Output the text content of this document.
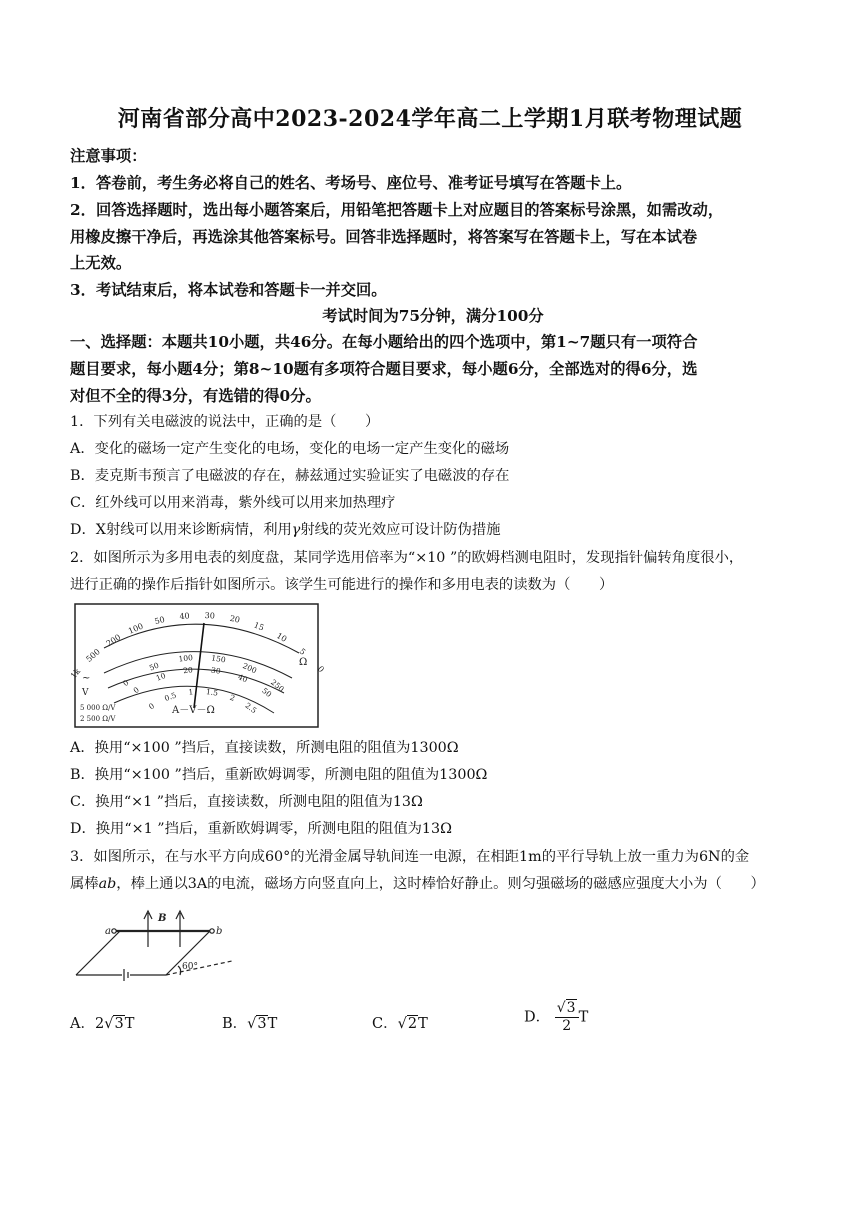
河南省部分高中2023-2024学年高二上学期1月联考物理试题
注意事项：
1．答卷前，考生务必将自己的姓名、考场号、座位号、准考证号填写在答题卡上。
2．回答选择题时，选出每小题答案后，用铅笔把答题卡上对应题目的答案标号涂黑，如需改动，
用橡皮擦干净后，再选涂其他答案标号。回答非选择题时，将答案写在答题卡上，写在本试卷
上无效。
3．考试结束后，将本试卷和答题卡一并交回。
考试时间为75分钟，满分100分
一、选择题：本题共10小题，共46分。在每小题给出的四个选项中，第1~7题只有一项符合
题目要求，每小题4分；第8~10题有多项符合题目要求，每小题6分，全部选对的得6分，选
对但不全的得3分，有选错的得0分。
1．下列有关电磁波的说法中，正确的是（　　）
A．变化的磁场一定产生变化的电场，变化的电场一定产生变化的磁场
B．麦克斯韦预言了电磁波的存在，赫兹通过实验证实了电磁波的存在
C．红外线可以用来消毒，紫外线可以用来加热理疗
D．X射线可以用来诊断病情，利用γ射线的荧光效应可设计防伪措施
2．如图所示为多用电表的刻度盘，某同学选用倍率为“×10 ”的欧姆档测电阻时，发现指针偏转角度很小，
进行正确的操作后指针如图所示。该学生可能进行的操作和多用电表的读数为（　　）
Ω
~
V
A－V－Ω
5 000 Ω/V
2 500 Ω/V
1k
500
200
100
50 40 30 20
15
10
5
0
0
50
100 150
200
250
0
10
20 30
40
50
0
0.5 1 1.5
2
2.5
A．换用“×100 ”挡后，直接读数，所测电阻的阻值为1300Ω
B．换用“×100 ”挡后，重新欧姆调零，所测电阻的阻值为1300Ω
C．换用“×1 ”挡后，直接读数，所测电阻的阻值为13Ω
D．换用“×1 ”挡后，重新欧姆调零，所测电阻的阻值为13Ω
3．如图所示，在与水平方向成60°的光滑金属导轨间连一电源，在相距1m的平行导轨上放一重力为6N的金
属棒ab，棒上通以3A的电流，磁场方向竖直向上，这时棒恰好静止。则匀强磁场的磁感应强度大小为（　　）
a	b
B
60°
A．2√3T	B．√3T	C．√2T	D． $\frac{√3}{2}$ T
